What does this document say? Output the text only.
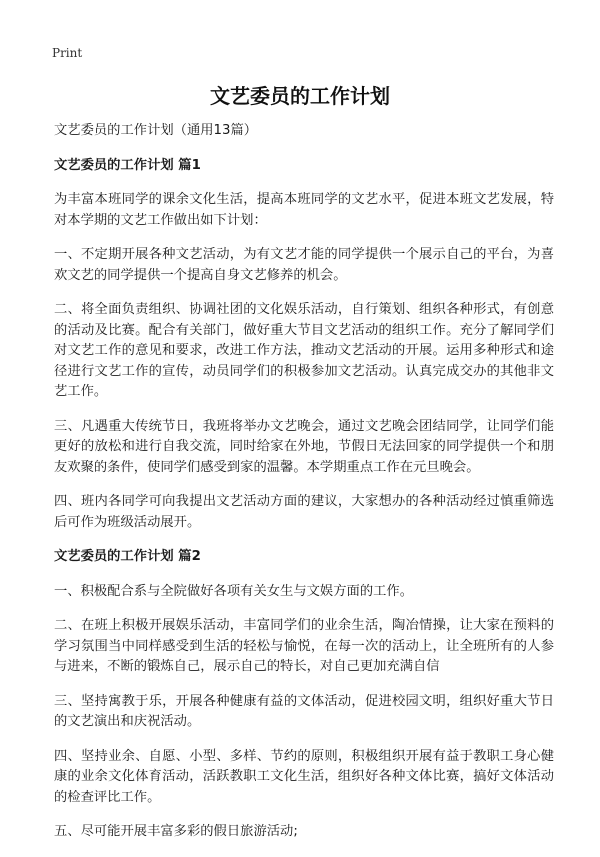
Print
文艺委员的工作计划

文艺委员的工作计划（通用13篇）

文艺委员的工作计划 篇1

为丰富本班同学的课余文化生活，提高本班同学的文艺水平，促进本班文艺发展，特对本学期的文艺工作做出如下计划：

一、不定期开展各种文艺活动，为有文艺才能的同学提供一个展示自己的平台，为喜欢文艺的同学提供一个提高自身文艺修养的机会。

二、将全面负责组织、协调社团的文化娱乐活动，自行策划、组织各种形式，有创意的活动及比赛。配合有关部门，做好重大节目文艺活动的组织工作。充分了解同学们对文艺工作的意见和要求，改进工作方法，推动文艺活动的开展。运用多种形式和途径进行文艺工作的宣传，动员同学们的积极参加文艺活动。认真完成交办的其他非文艺工作。

三、凡遇重大传统节日，我班将举办文艺晚会，通过文艺晚会团结同学，让同学们能更好的放松和进行自我交流，同时给家在外地，节假日无法回家的同学提供一个和朋友欢聚的条件，使同学们感受到家的温馨。本学期重点工作在元旦晚会。

四、班内各同学可向我提出文艺活动方面的建议，大家想办的各种活动经过慎重筛选后可作为班级活动展开。

文艺委员的工作计划 篇2

一、积极配合系与全院做好各项有关女生与文娱方面的工作。

二、在班上积极开展娱乐活动，丰富同学们的业余生活，陶冶情操，让大家在预料的学习氛围当中同样感受到生活的轻松与愉悦，在每一次的活动上，让全班所有的人参与进来，不断的锻炼自己，展示自己的特长，对自己更加充满自信

三、坚持寓教于乐，开展各种健康有益的文体活动，促进校园文明，组织好重大节日的文艺演出和庆祝活动。

四、坚持业余、自愿、小型、多样、节约的原则，积极组织开展有益于教职工身心健康的业余文化体育活动，活跃教职工文化生活，组织好各种文体比赛，搞好文体活动的检查评比工作。

五、尽可能开展丰富多彩的假日旅游活动;
